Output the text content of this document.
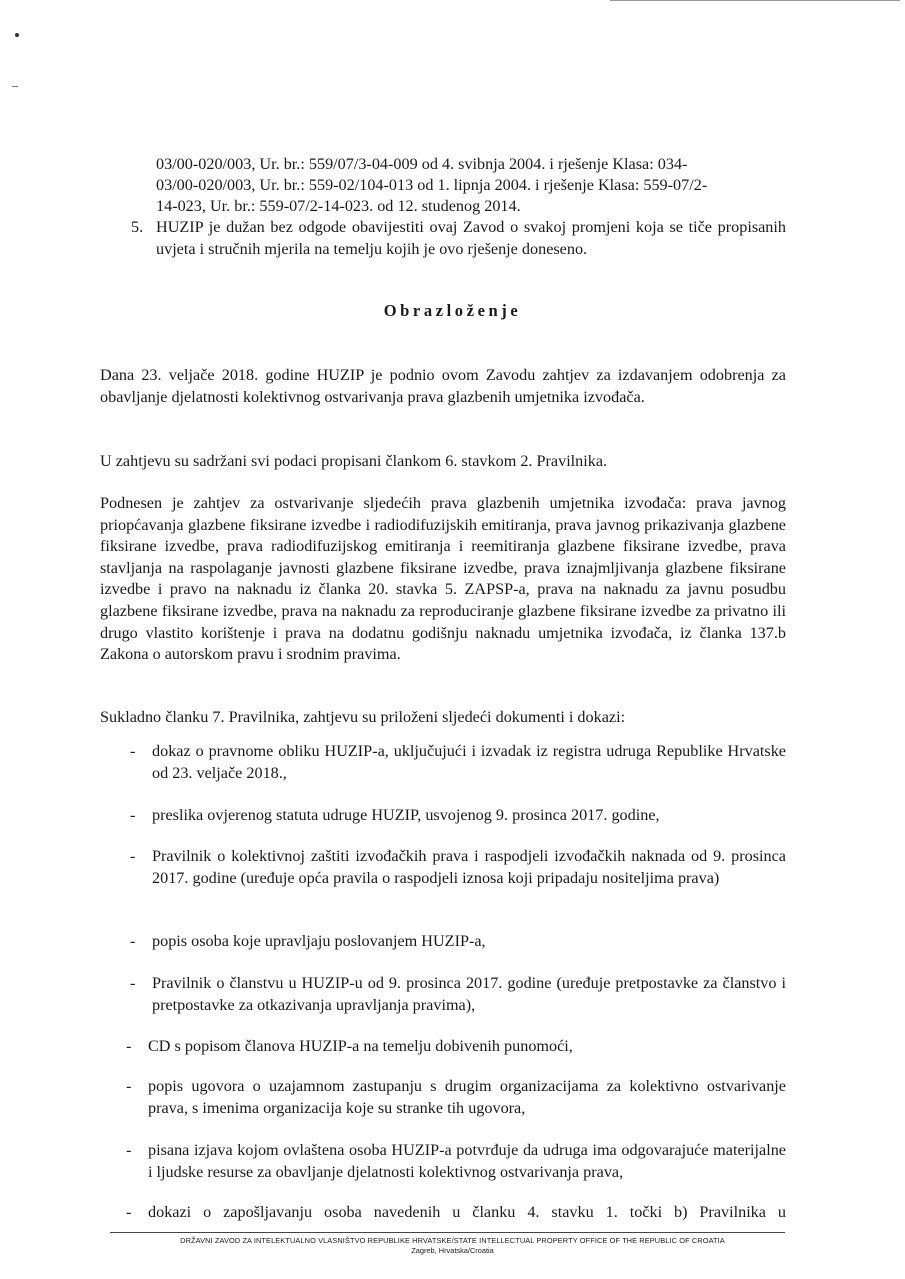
03/00-020/003, Ur. br.: 559/07/3-04-009 od 4. svibnja 2004. i rješenje Klasa: 034-
03/00-020/003, Ur. br.: 559-02/104-013 od 1. lipnja 2004. i rješenje Klasa: 559-07/2-
14-023, Ur. br.: 559-07/2-14-023. od 12. studenog 2014.
5. HUZIP je dužan bez odgode obavijestiti ovaj Zavod o svakoj promjeni koja se tiče propisanih uvjeta i stručnih mjerila na temelju kojih je ovo rješenje doneseno.

Obrazloženje

Dana 23. veljače 2018. godine HUZIP je podnio ovom Zavodu zahtjev za izdavanjem odobrenja za obavljanje djelatnosti kolektivnog ostvarivanja prava glazbenih umjetnika izvođača.

U zahtjevu su sadržani svi podaci propisani člankom 6. stavkom 2. Pravilnika.

Podnesen je zahtjev za ostvarivanje sljedećih prava glazbenih umjetnika izvođača: prava javnog priopćavanja glazbene fiksirane izvedbe i radiodifuzijskih emitiranja, prava javnog prikazivanja glazbene fiksirane izvedbe, prava radiodifuzijskog emitiranja i reemitiranja glazbene fiksirane izvedbe, prava stavljanja na raspolaganje javnosti glazbene fiksirane izvedbe, prava iznajmljivanja glazbene fiksirane izvedbe i pravo na naknadu iz članka 20. stavka 5. ZAPSP-a, prava na naknadu za javnu posudbu glazbene fiksirane izvedbe, prava na naknadu za reproduciranje glazbene fiksirane izvedbe za privatno ili drugo vlastito korištenje i prava na dodatnu godišnju naknadu umjetnika izvođača, iz članka 137.b Zakona o autorskom pravu i srodnim pravima.

Sukladno članku 7. Pravilnika, zahtjevu su priloženi sljedeći dokumenti i dokazi:

- dokaz o pravnome obliku HUZIP-a, uključujući i izvadak iz registra udruga Republike Hrvatske od 23. veljače 2018.,
- preslika ovjerenog statuta udruge HUZIP, usvojenog 9. prosinca 2017. godine,
- Pravilnik o kolektivnoj zaštiti izvođačkih prava i raspodjeli izvođačkih naknada od 9. prosinca 2017. godine (uređuje opća pravila o raspodjeli iznosa koji pripadaju nositeljima prava)
- popis osoba koje upravljaju poslovanjem HUZIP-a,
- Pravilnik o članstvu u HUZIP-u od 9. prosinca 2017. godine (uređuje pretpostavke za članstvo i pretpostavke za otkazivanja upravljanja pravima),
- CD s popisom članova HUZIP-a na temelju dobivenih punomoći,
- popis ugovora o uzajamnom zastupanju s drugim organizacijama za kolektivno ostvarivanje prava, s imenima organizacija koje su stranke tih ugovora,
- pisana izjava kojom ovlaštena osoba HUZIP-a potvrđuje da udruga ima odgovarajuće materijalne i ljudske resurse za obavljanje djelatnosti kolektivnog ostvarivanja prava,
- dokazi o zapošljavanju osoba navedenih u članku 4. stavku 1. točki b) Pravilnika u
DRŽAVNI ZAVOD ZA INTELEKTUALNO VLASNIŠTVO REPUBLIKE HRVATSKE/STATE INTELLECTUAL PROPERTY OFFICE OF THE REPUBLIC OF CROATIA
Zagreb, Hrvatska/Croatia
